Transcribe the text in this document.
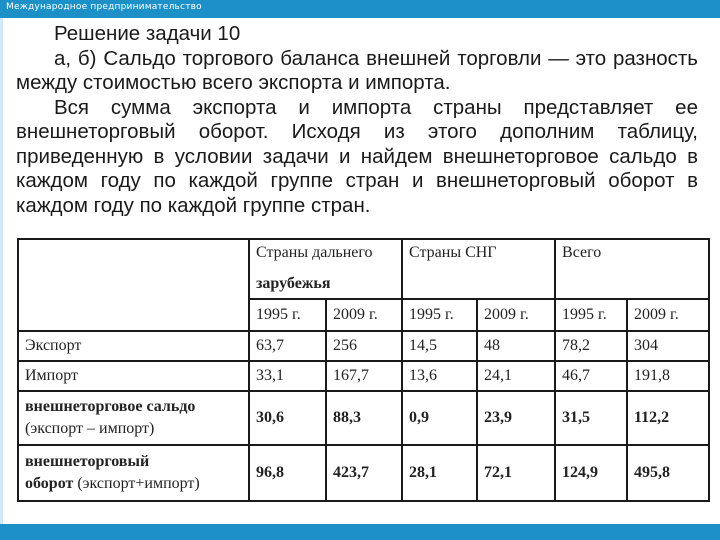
Международное предпринимательство

Решение задачи 10

а, б) Сальдо торгового баланса внешней торговли — это разность между стоимостью всего экспорта и импорта.

Вся сумма экспорта и импорта страны представляет ее внешнеторговый оборот. Исходя из этого дополним таблицу, приведенную в условии задачи и найдем внешнеторговое сальдо в каждом году по каждой группе стран и внешнеторговый оборот в каждом году по каждой группе стран.

	Страны дальнего		Страны СНГ		Всего	
	зарубежья					
	1995 г.	2009 г.	1995 г.	2009 г.	1995 г.	2009 г.
Экспорт	63,7	256	14,5	48	78,2	304
Импорт	33,1	167,7	13,6	24,1	46,7	191,8
внешнеторговое сальдо
(экспорт – импорт)	30,6	88,3	0,9	23,9	31,5	112,2
внешнеторговый
оборот (экспорт+импорт)	96,8	423,7	28,1	72,1	124,9	495,8
